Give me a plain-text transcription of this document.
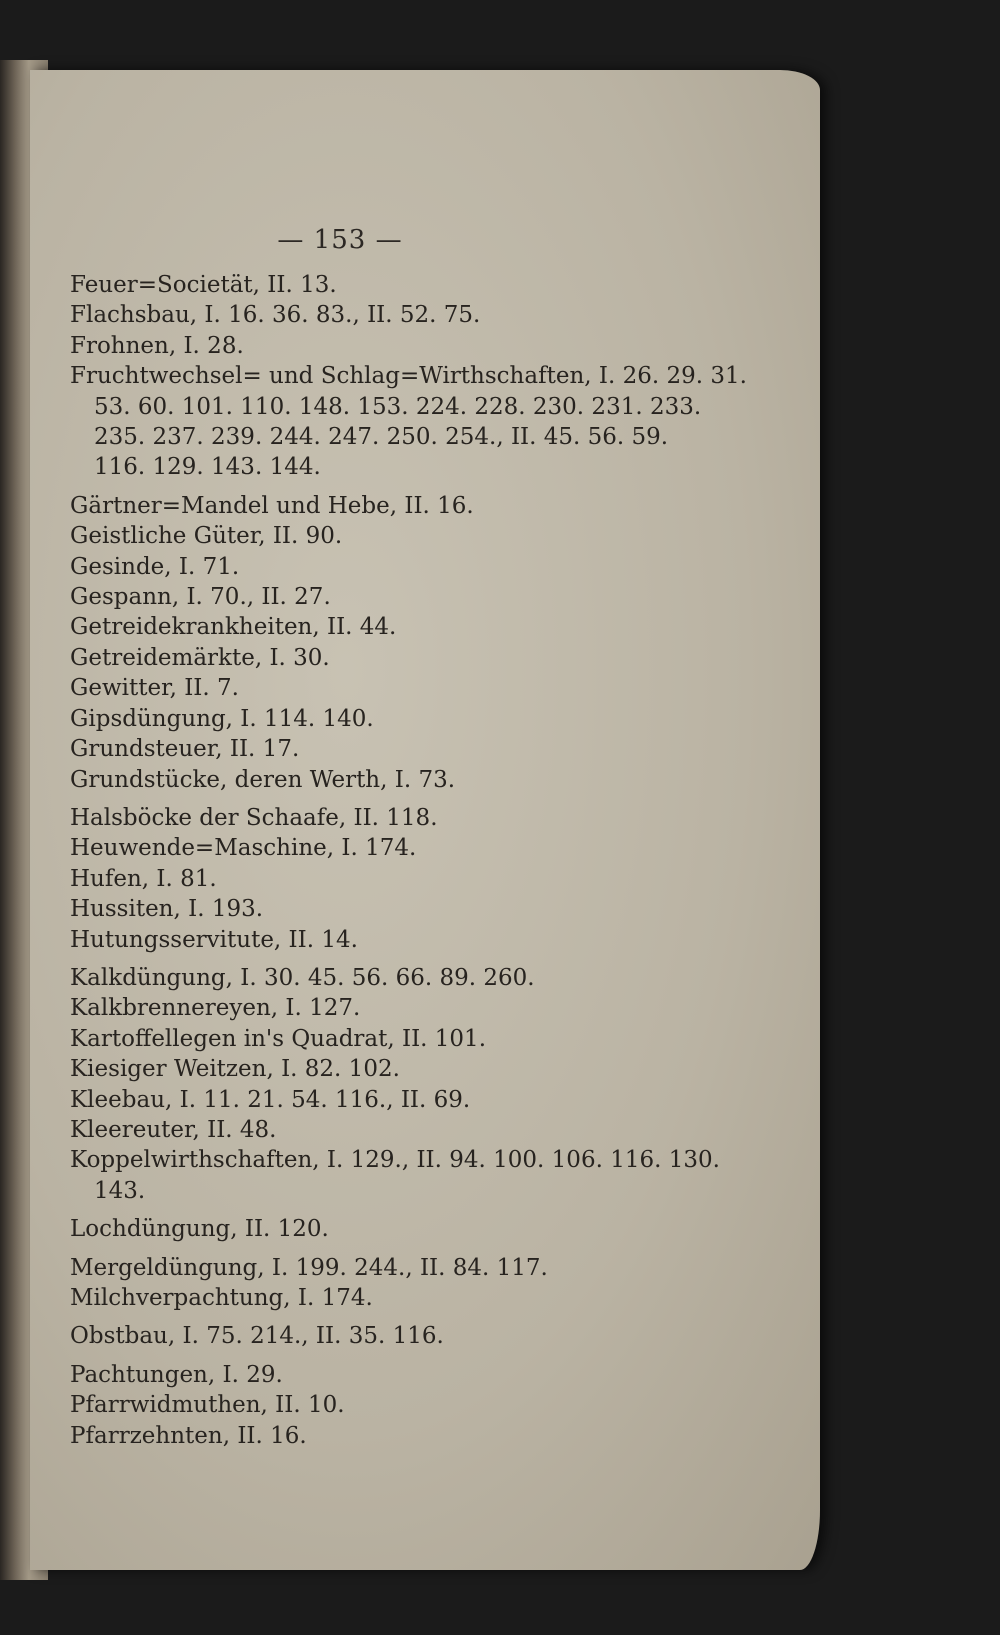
— 153 —
Feuer=Societät, II. 13.
Flachsbau, I. 16. 36. 83., II. 52. 75.
Frohnen, I. 28.
Fruchtwechsel= und Schlag=Wirthschaften, I. 26. 29. 31.
53. 60. 101. 110. 148. 153. 224. 228. 230. 231. 233.
235. 237. 239. 244. 247. 250. 254., II. 45. 56. 59.
116. 129. 143. 144.
Gärtner=Mandel und Hebe, II. 16.
Geistliche Güter, II. 90.
Gesinde, I. 71.
Gespann, I. 70., II. 27.
Getreidekrankheiten, II. 44.
Getreidemärkte, I. 30.
Gewitter, II. 7.
Gipsdüngung, I. 114. 140.
Grundsteuer, II. 17.
Grundstücke, deren Werth, I. 73.
Halsböcke der Schaafe, II. 118.
Heuwende=Maschine, I. 174.
Hufen, I. 81.
Hussiten, I. 193.
Hutungsservitute, II. 14.
Kalkdüngung, I. 30. 45. 56. 66. 89. 260.
Kalkbrennereyen, I. 127.
Kartoffellegen in's Quadrat, II. 101.
Kiesiger Weitzen, I. 82. 102.
Kleebau, I. 11. 21. 54. 116., II. 69.
Kleereuter, II. 48.
Koppelwirthschaften, I. 129., II. 94. 100. 106. 116. 130.
143.
Lochdüngung, II. 120.
Mergeldüngung, I. 199. 244., II. 84. 117.
Milchverpachtung, I. 174.
Obstbau, I. 75. 214., II. 35. 116.
Pachtungen, I. 29.
Pfarrwidmuthen, II. 10.
Pfarrzehnten, II. 16.
